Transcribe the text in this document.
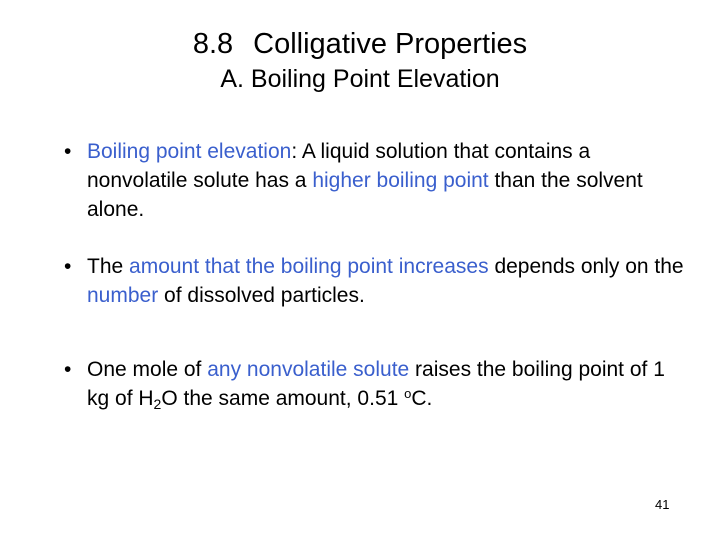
8.8 Colligative Properties
A. Boiling Point Elevation
• Boiling point elevation: A liquid solution that contains a nonvolatile solute has a higher boiling point than the solvent alone.
• The amount that the boiling point increases depends only on the number of dissolved particles.
• One mole of any nonvolatile solute raises the boiling point of 1 kg of H2O the same amount, 0.51 $^o$C.
41
